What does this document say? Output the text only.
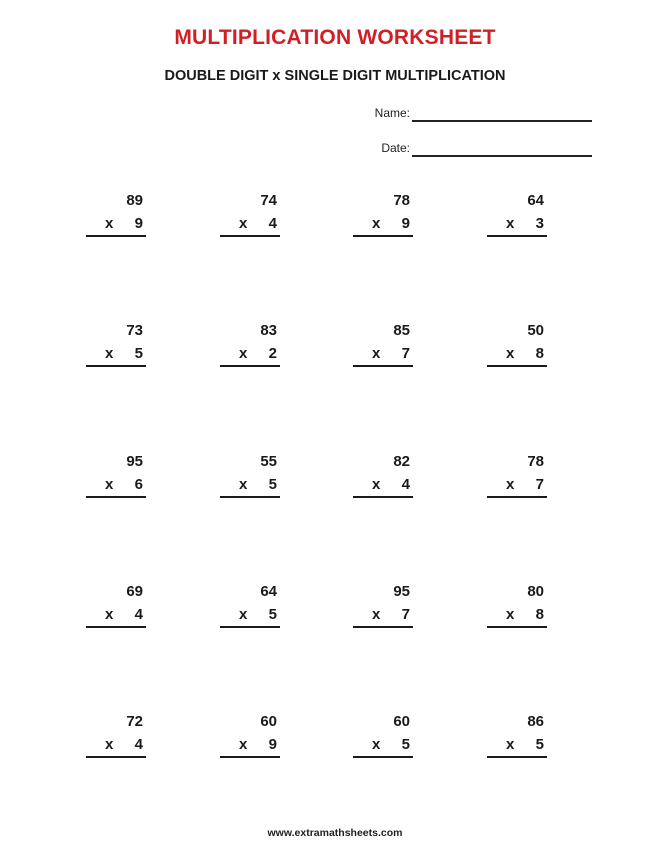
MULTIPLICATION WORKSHEET
DOUBLE DIGIT x SINGLE DIGIT MULTIPLICATION
Name:
Date:
89
x 9
74
x 4
78
x 9
64
x 3
73
x 5
83
x 2
85
x 7
50
x 8
95
x 6
55
x 5
82
x 4
78
x 7
69
x 4
64
x 5
95
x 7
80
x 8
72
x 4
60
x 9
60
x 5
86
x 5
www.extramathsheets.com
